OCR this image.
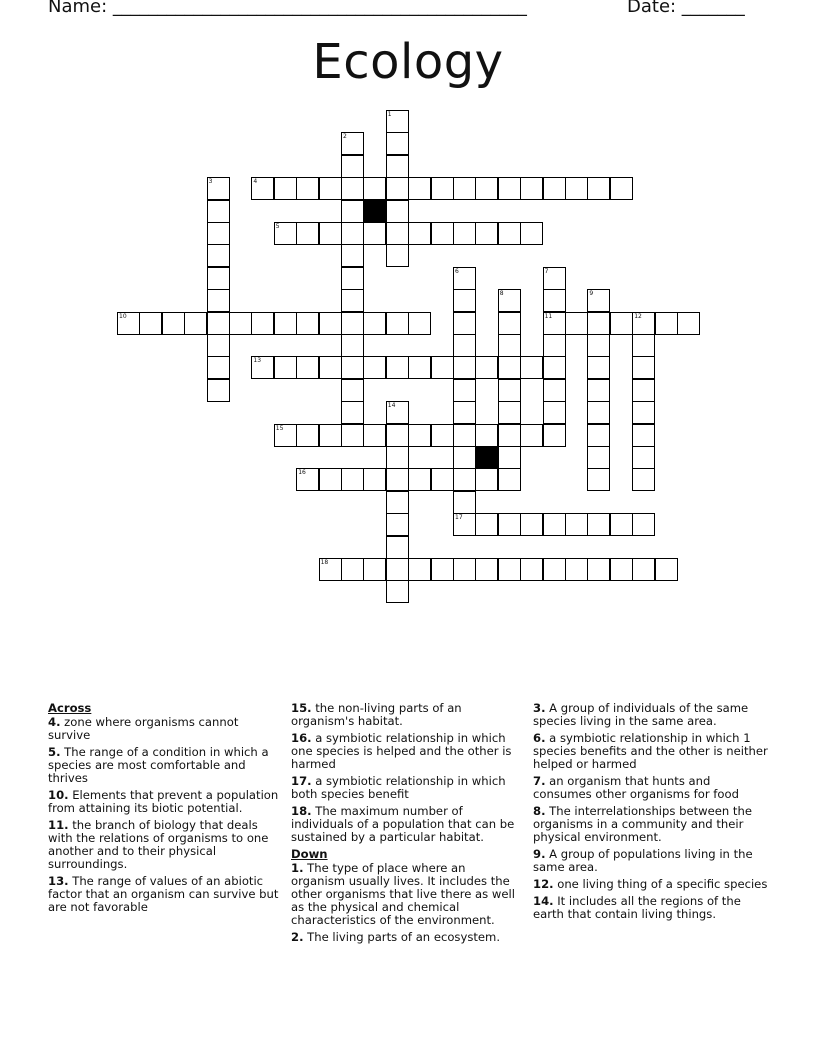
Name: ______________________________________________	Date: _______
Ecology
1
2
3	4
5
6
17
7
11
8	9
10	12
13
14
15
16
18
Across
4. zone where organisms cannot survive
5. The range of a condition in which a species are most comfortable and thrives
10. Elements that prevent a population from attaining its biotic potential.
11. the branch of biology that deals with the relations of organisms to one another and to their physical surroundings.
13. The range of values of an abiotic factor that an organism can survive but are not favorable
15. the non-living parts of an organism's habitat.
16. a symbiotic relationship in which one species is helped and the other is harmed
17. a symbiotic relationship in which both species benefit
18. The maximum number of individuals of a population that can be sustained by a particular habitat.
Down
1. The type of place where an organism usually lives. It includes the other organisms that live there as well as the physical and chemical characteristics of the environment.
2. The living parts of an ecosystem.
3. A group of individuals of the same species living in the same area.
6. a symbiotic relationship in which 1 species benefits and the other is neither helped or harmed
7. an organism that hunts and consumes other organisms for food
8. The interrelationships between the organisms in a community and their physical environment.
9. A group of populations living in the same area.
12. one living thing of a specific species
14. It includes all the regions of the earth that contain living things.
